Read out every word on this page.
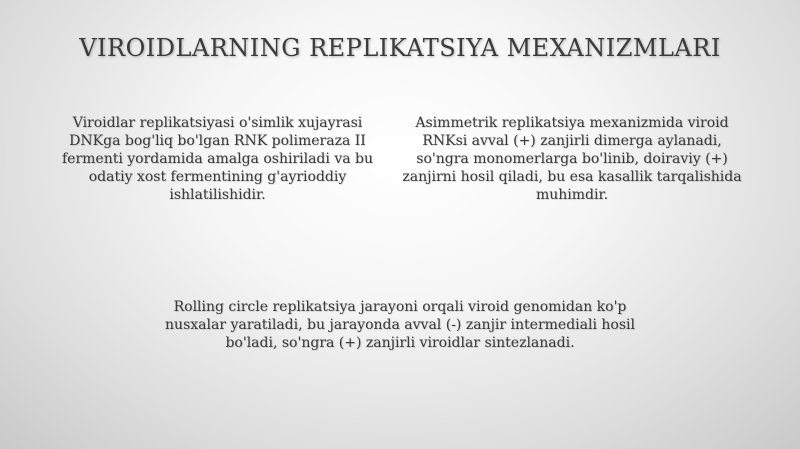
VIROIDLARNING REPLIKATSIYA MEXANIZMLARI
Viroidlar replikatsiyasi o'simlik xujayrasi DNKga bog'liq bo'lgan RNK polimeraza II fermenti yordamida amalga oshiriladi va bu odatiy xost fermentining g'ayrioddiy ishlatilishidir.
Asimmetrik replikatsiya mexanizmida viroid RNKsi avval (+) zanjirli dimerga aylanadi, so'ngra monomerlarga bo'linib, doiraviy (+) zanjirni hosil qiladi, bu esa kasallik tarqalishida muhimdir.
Rolling circle replikatsiya jarayoni orqali viroid genomidan ko'p nusxalar yaratiladi, bu jarayonda avval (-) zanjir intermediali hosil bo'ladi, so'ngra (+) zanjirli viroidlar sintezlanadi.
